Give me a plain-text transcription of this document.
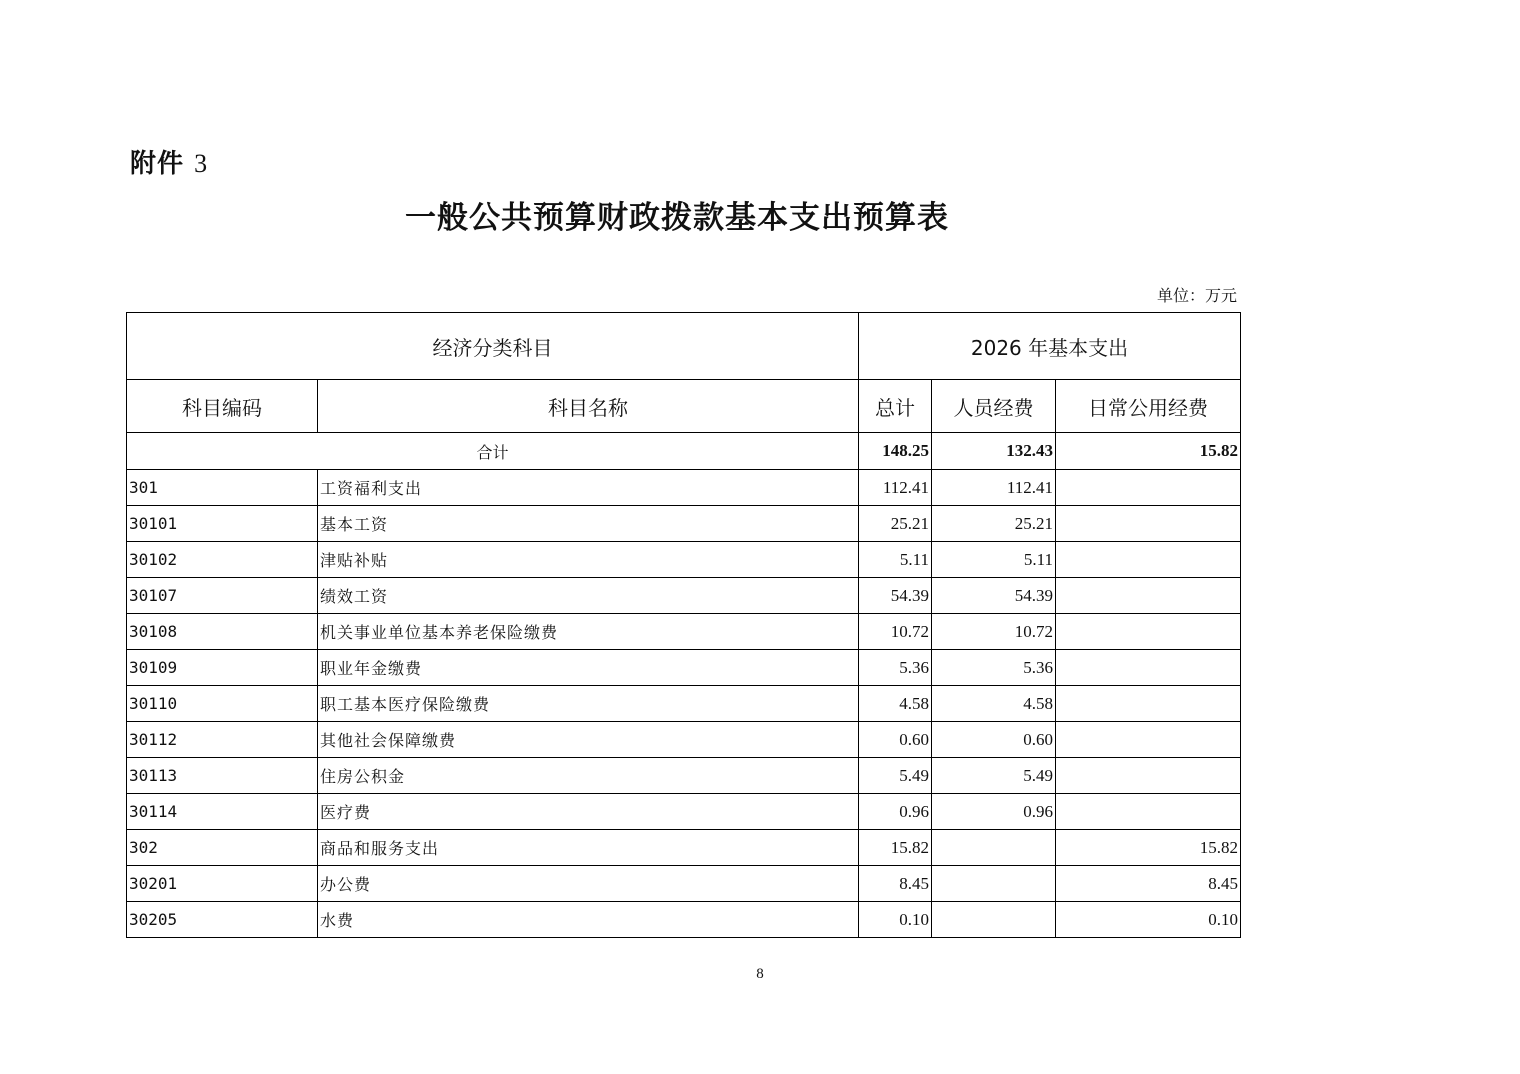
附件 3
一般公共预算财政拨款基本支出预算表
单位：万元
经济分类科目		2026 年基本支出		
科目编码	科目名称	总计	人员经费	日常公用经费
合计		148.25	132.43	15.82
301	工资福利支出	112.41	112.41	
30101	基本工资	25.21	25.21	
30102	津贴补贴	5.11	5.11	
30107	绩效工资	54.39	54.39	
30108	机关事业单位基本养老保险缴费	10.72	10.72	
30109	职业年金缴费	5.36	5.36	
30110	职工基本医疗保险缴费	4.58	4.58	
30112	其他社会保障缴费	0.60	0.60	
30113	住房公积金	5.49	5.49	
30114	医疗费	0.96	0.96	
302	商品和服务支出	15.82		15.82
30201	办公费	8.45		8.45
30205	水费	0.10		0.10
8
